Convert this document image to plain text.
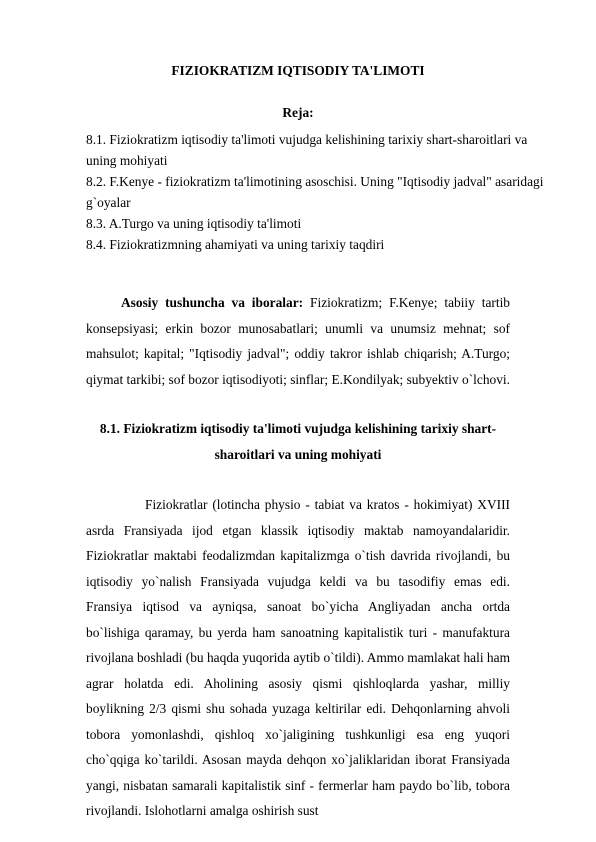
FIZIOKRATIZM IQTISODIY TA'LIMOTI
Reja:
8.1. Fiziokratizm iqtisodiy ta'limoti vujudga kelishining tarixiy shart-sharoitlari va uning mohiyati
8.2. F.Kenye - fiziokratizm ta'limotining asoschisi. Uning "Iqtisodiy jadval" asaridagi g`oyalar
8.3. A.Turgo va uning iqtisodiy ta'limoti
8.4. Fiziokratizmning ahamiyati va uning tarixiy taqdiri

Asosiy tushuncha va iboralar: Fiziokratizm; F.Kenye; tabiiy tartib konsepsiyasi; erkin bozor munosabatlari; unumli va unumsiz mehnat; sof mahsulot; kapital; "Iqtisodiy jadval"; oddiy takror ishlab chiqarish; A.Turgo; qiymat tarkibi; sof bozor iqtisodiyoti; sinflar; E.Kondilyak; subyektiv o`lchovi.

8.1. Fiziokratizm iqtisodiy ta'limoti vujudga kelishining tarixiy shart-sharoitlari va uning mohiyati

Fiziokratlar (lotincha physio - tabiat va kratos - hokimiyat) XVIII asrda Fransiyada ijod etgan klassik iqtisodiy maktab namoyandalaridir. Fiziokratlar maktabi feodalizmdan kapitalizmga o`tish davrida rivojlandi, bu iqtisodiy yo`nalish Fransiyada vujudga keldi va bu tasodifiy emas edi. Fransiya iqtisod va ayniqsa, sanoat bo`yicha Angliyadan ancha ortda bo`lishiga qaramay, bu yerda ham sanoatning kapitalistik turi - manufaktura rivojlana boshladi (bu haqda yuqorida aytib o`tildi). Ammo mamlakat hali ham agrar holatda edi. Aholining asosiy qismi qishloqlarda yashar, milliy boylikning 2/3 qismi shu sohada yuzaga keltirilar edi. Dehqonlarning ahvoli tobora yomonlashdi, qishloq xo`jaligining tushkunligi esa eng yuqori cho`qqiga ko`tarildi. Asosan mayda dehqon xo`jaliklaridan iborat Fransiyada yangi, nisbatan samarali kapitalistik sinf - fermerlar ham paydo bo`lib, tobora rivojlandi. Islohotlarni amalga oshirish sust
